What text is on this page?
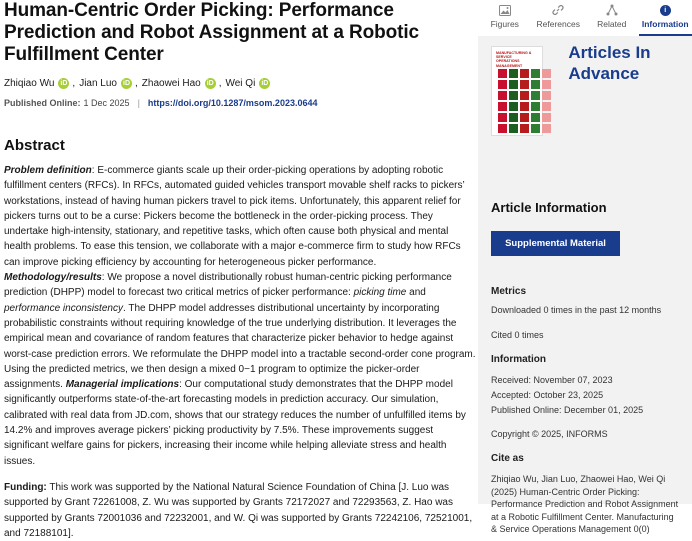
Human-Centric Order Picking: Performance Prediction and Robot Assignment at a Robotic Fulfillment Center
Zhiqiao Wu iD , Jian Luo iD , Zhaowei Hao iD , Wei Qi iD
Published Online: 1 Dec 2025 | https://doi.org/10.1287/msom.2023.0644
Abstract

Problem definition: E-commerce giants scale up their order-picking operations by adopting robotic fulfillment centers (RFCs). In RFCs, automated guided vehicles transport movable shelf racks to pickers’ workstations, instead of having human pickers travel to pick items. Unfortunately, this apparent relief for pickers turns out to be a curse: Pickers become the bottleneck in the order-picking process. They undertake high-intensity, stationary, and repetitive tasks, which often cause both physical and mental health problems. To ease this tension, we collaborate with a major e-commerce firm to study how RFCs can improve picking efficiency by accounting for heterogeneous picker performance. Methodology/results: We propose a novel distributionally robust human-centric picking performance prediction (DHPP) model to forecast two critical metrics of picker performance: picking time and performance inconsistency. The DHPP model addresses distributional uncertainty by incorporating probabilistic constraints without requiring knowledge of the true underlying distribution. It leverages the empirical mean and covariance of random features that characterize picker behavior to hedge against worst-case prediction errors. We reformulate the DHPP model into a tractable second-order cone program. Using the predicted metrics, we then design a mixed 0−1 program to optimize the picker-order assignments. Managerial implications: Our computational study demonstrates that the DHPP model significantly outperforms state-of-the-art forecasting models in prediction accuracy. Our simulation, calibrated with real data from JD.com, shows that our strategy reduces the number of unfulfilled items by 14.2% and improves average pickers’ picking productivity by 7.5%. These improvements suggest significant welfare gains for pickers, increasing their income while helping alleviate stress and health issues.

Funding: This work was supported by the National Natural Science Foundation of China [J. Luo was supported by Grant 72261008, Z. Wu was supported by Grants 72172027 and 72293563, Z. Hao was supported by Grants 72001036 and 72232001, and W. Qi was supported by Grants 72242106, 72521001, and 72188101].

Figures References Related
i
Information
MANUFACTURING & SERVICE OPERATIONS MANAGEMENT
Articles In Advance
Article Information
Supplemental Material
Metrics
Downloaded 0 times in the past 12 months
Cited 0 times
Information
Received: November 07, 2023
Accepted: October 23, 2025
Published Online: December 01, 2025
Copyright © 2025, INFORMS
Cite as
Zhiqiao Wu, Jian Luo, Zhaowei Hao, Wei Qi (2025) Human-Centric Order Picking: Performance Prediction and Robot Assignment at a Robotic Fulfillment Center. Manufacturing & Service Operations Management 0(0)
